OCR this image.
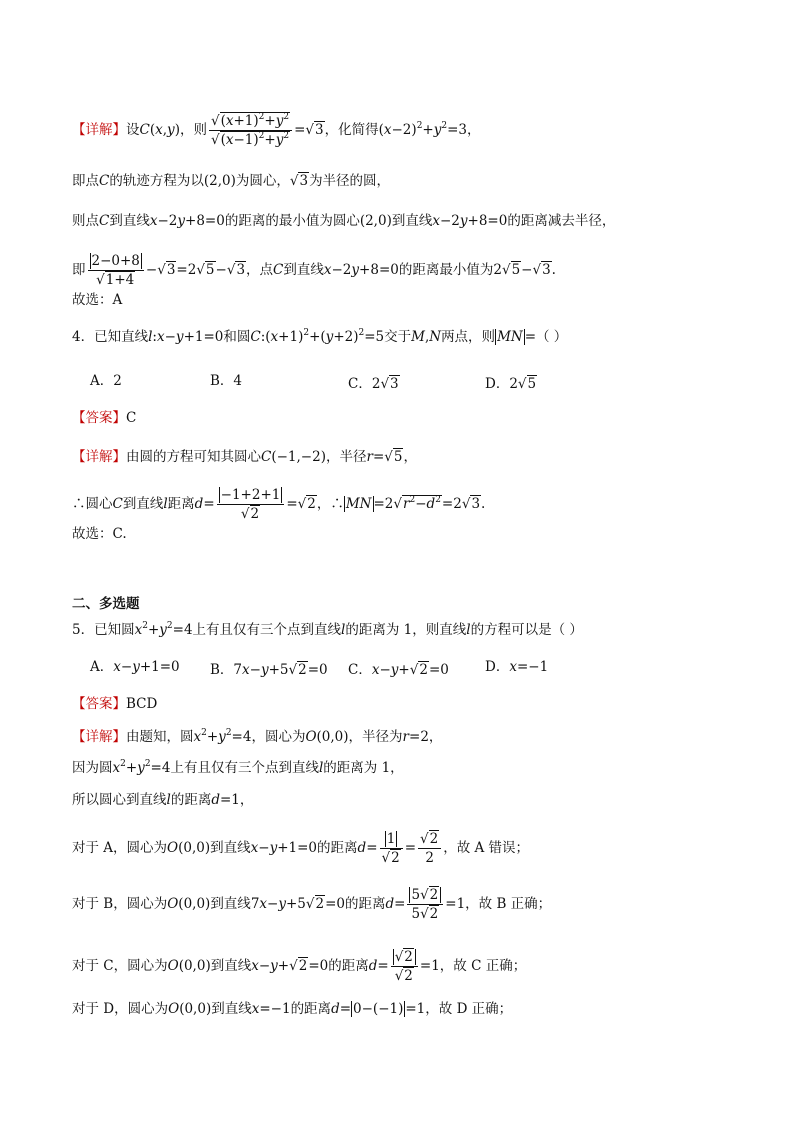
【详解】设C(x,y)，则 $\frac{√(x+1)^2+y^2}{√(x-1)^2+y^2} =√3$，化简得$(x-2)^2+y^2=3$，
即点C的轨迹方程为以(2,0)为圆心，√3为半径的圆，
则点C到直线x−2y+8=0的距离的最小值为圆心(2,0)到直线x−2y+8=0的距离减去半径，
即 $\frac{2-0+8}{√1+4} -√3=2√5-√3$，点C到直线x−2y+8=0的距离最小值为2√5−√3.
故选：A
4．已知直线l:x−y+1=0和圆$C:(x+1)^2+(y+2)^2=5$交于M,N两点，则 MN =（ ）
A．2	B．4	C．2√3	D．2√5
【答案】C
【详解】由圆的方程可知其圆心C(−1,−2)，半径r=√5，
∴圆心C到直线l距离$d= \frac{-1+2+1}{√2} =√2$，∴ MN $=2√r^2-d^2=2√3$.
故选：C.
二、多选题
5．已知圆$x^2+y^2=4$上有且仅有三个点到直线l的距离为 1，则直线l的方程可以是（ ）
A．x−y+1=0 B．7x−y+5√2=0 C．x−y+√2=0	D．x=−1
【答案】BCD
【详解】由题知，圆$x^2+y^2=4$，圆心为O(0,0)，半径为r=2，
因为圆$x^2+y^2=4$上有且仅有三个点到直线l的距离为 1，
所以圆心到直线l的距离d=1，
对于 A，圆心为O(0,0)到直线x−y+1=0的距离$d= \frac{1}{√2} = \frac{√2}{2}$ ，故 A 错误；
对于 B，圆心为O(0,0)到直线7x−y+5√2=0的距离$d= \frac{5√2}{5√2} =1$，故 B 正确；
对于 C，圆心为O(0,0)到直线x−y+√2=0的距离$d= \frac{√2}{√2} =1$，故 C 正确；
对于 D，圆心为O(0,0)到直线x=−1的距离d= 0−(−1) =1，故 D 正确；
